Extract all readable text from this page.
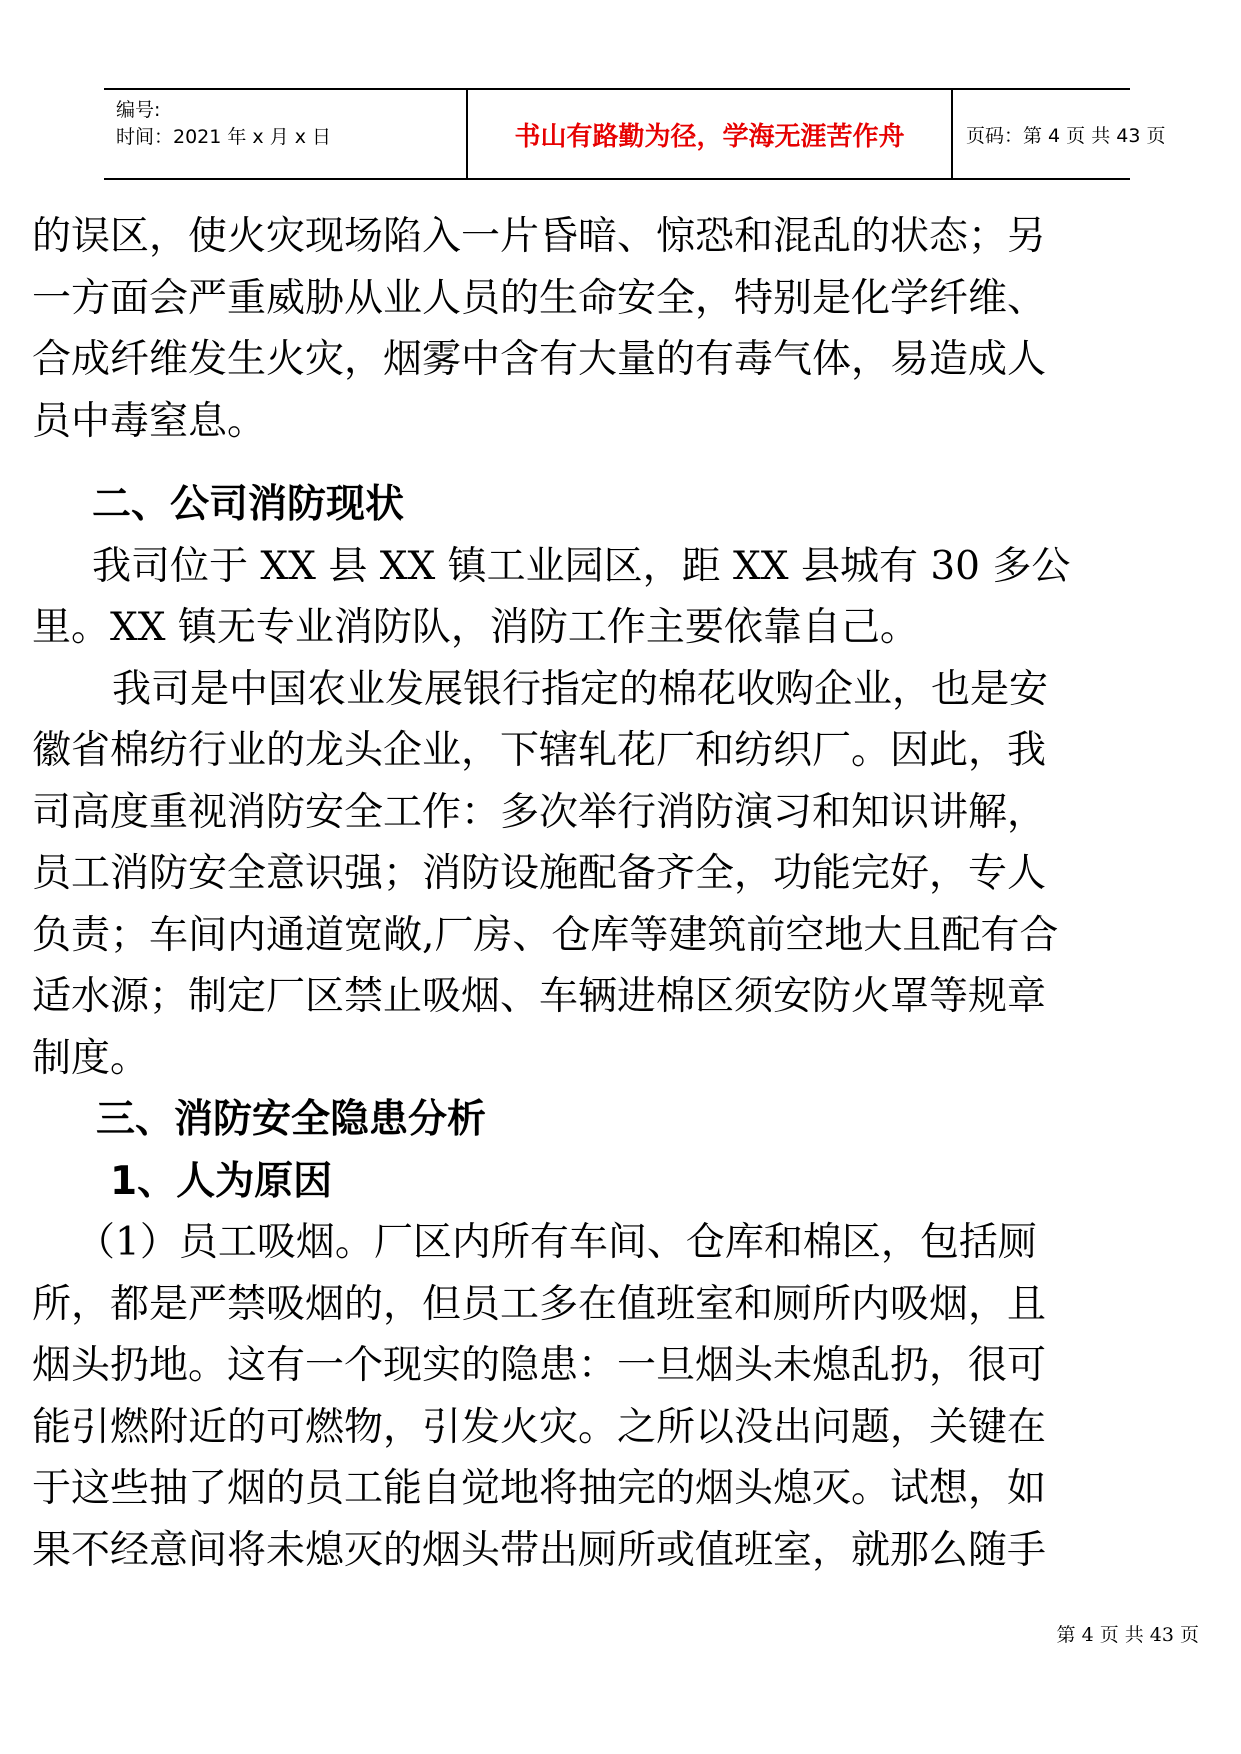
编号:
时间：2021 年 x 月 x 日	书山有路勤为径，学海无涯苦作舟	页码：第 4 页 共 43 页
的误区，使火灾现场陷入一片昏暗、惊恐和混乱的状态；另
一方面会严重威胁从业人员的生命安全，特别是化学纤维、
合成纤维发生火灾，烟雾中含有大量的有毒气体，易造成人
员中毒窒息。
二、公司消防现状
我司位于 XX 县 XX 镇工业园区，距 XX 县城有 30 多公
里。XX 镇无专业消防队，消防工作主要依靠自己。
我司是中国农业发展银行指定的棉花收购企业，也是安
徽省棉纺行业的龙头企业，下辖轧花厂和纺织厂。因此，我
司高度重视消防安全工作：多次举行消防演习和知识讲解，
员工消防安全意识强；消防设施配备齐全，功能完好，专人
负责；车间内通道宽敞,厂房、仓库等建筑前空地大且配有合
适水源；制定厂区禁止吸烟、车辆进棉区须安防火罩等规章
制度。
三、消防安全隐患分析
1、人为原因
（1）员工吸烟。厂区内所有车间、仓库和棉区，包括厕
所，都是严禁吸烟的，但员工多在值班室和厕所内吸烟，且
烟头扔地。这有一个现实的隐患：一旦烟头未熄乱扔，很可
能引燃附近的可燃物，引发火灾。之所以没出问题，关键在
于这些抽了烟的员工能自觉地将抽完的烟头熄灭。试想，如
果不经意间将未熄灭的烟头带出厕所或值班室，就那么随手
第 4 页 共 43 页
